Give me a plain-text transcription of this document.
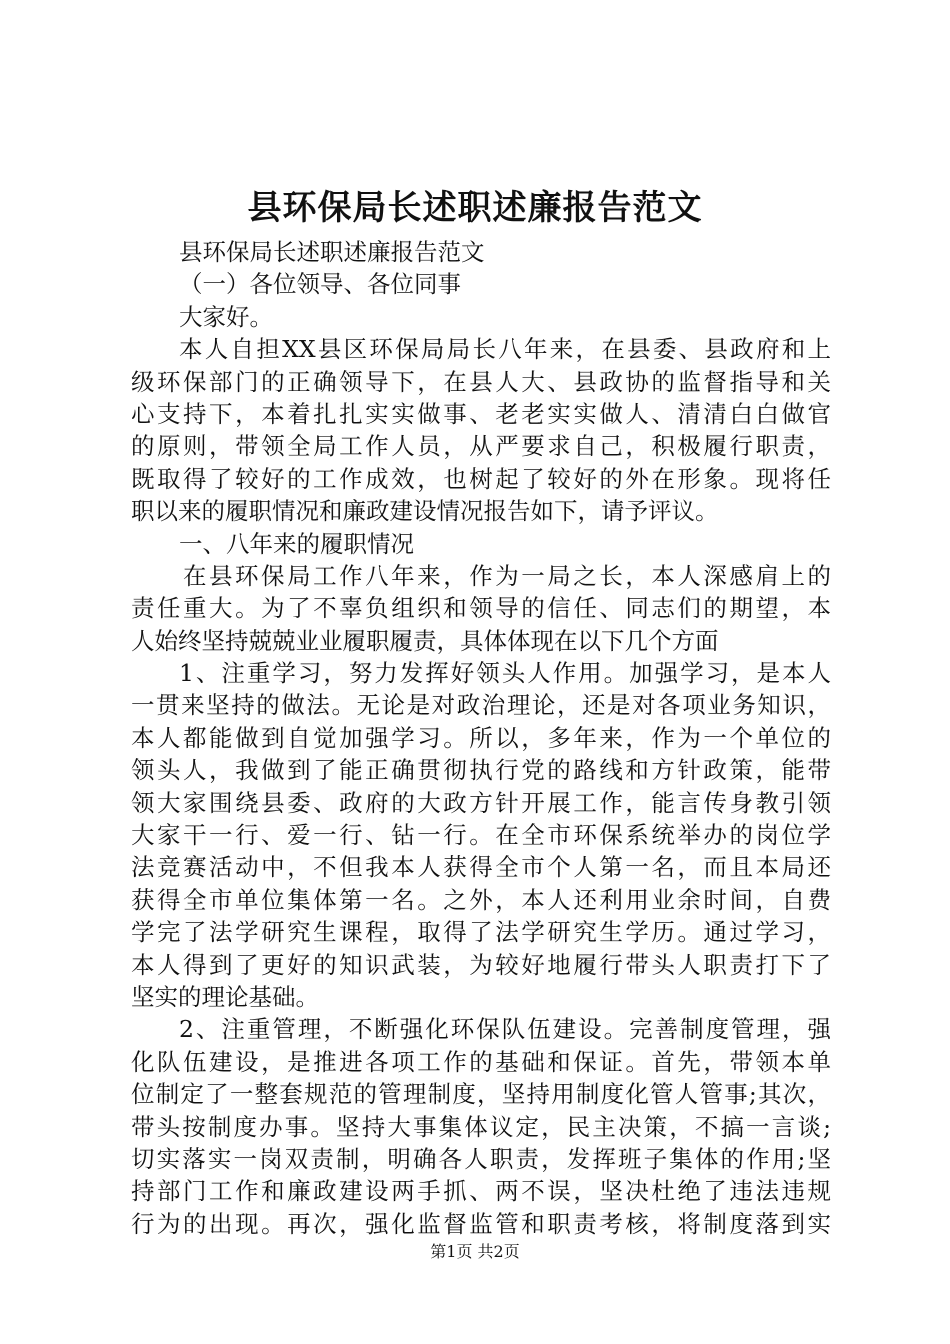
县环保局长述职述廉报告范文
县环保局长述职述廉报告范文
（一）各位领导、各位同事
大家好。
本人自担XX县区环保局局长八年来，在县委、县政府和上
级环保部门的正确领导下，在县人大、县政协的监督指导和关
心支持下，本着扎扎实实做事、老老实实做人、清清白白做官
的原则，带领全局工作人员，从严要求自己，积极履行职责，
既取得了较好的工作成效，也树起了较好的外在形象。现将任
职以来的履职情况和廉政建设情况报告如下，请予评议。
一、八年来的履职情况
在县环保局工作八年来，作为一局之长，本人深感肩上的
责任重大。为了不辜负组织和领导的信任、同志们的期望，本
人始终坚持兢兢业业履职履责，具体体现在以下几个方面
1、注重学习，努力发挥好领头人作用。加强学习，是本人
一贯来坚持的做法。无论是对政治理论，还是对各项业务知识，
本人都能做到自觉加强学习。所以，多年来，作为一个单位的
领头人，我做到了能正确贯彻执行党的路线和方针政策，能带
领大家围绕县委、政府的大政方针开展工作，能言传身教引领
大家干一行、爱一行、钻一行。在全市环保系统举办的岗位学
法竞赛活动中，不但我本人获得全市个人第一名，而且本局还
获得全市单位集体第一名。之外，本人还利用业余时间，自费
学完了法学研究生课程，取得了法学研究生学历。通过学习，
本人得到了更好的知识武装，为较好地履行带头人职责打下了
坚实的理论基础。
2、注重管理，不断强化环保队伍建设。完善制度管理，强
化队伍建设，是推进各项工作的基础和保证。首先，带领本单
位制定了一整套规范的管理制度，坚持用制度化管人管事;其次，
带头按制度办事。坚持大事集体议定，民主决策，不搞一言谈;
切实落实一岗双责制，明确各人职责，发挥班子集体的作用;坚
持部门工作和廉政建设两手抓、两不误，坚决杜绝了违法违规
行为的出现。再次，强化监督监管和职责考核，将制度落到实
第1页 共2页
